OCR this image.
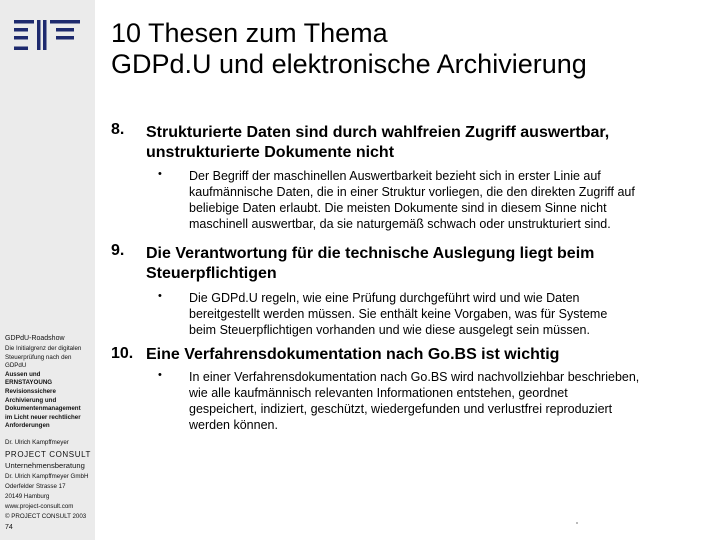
GDPdU-Roadshow
Die Initialgrenz der digitalen
Steuerprüfung nach den
GDPdU
Aussen und
ERNSTAYOUNG
Revisionssichere
Archivierung und
Dokumentenmanagement
im Licht neuer rechtlicher
Anforderungen
Dr. Ulrich Kampffmeyer
PROJECT CONSULT
Unternehmensberatung
Dr. Ulrich Kampffmeyer GmbH
Oderfelder Strasse 17
20149 Hamburg
www.project-consult.com
© PROJECT CONSULT 2003
74
10 Thesen zum Thema
GDPd.U und elektronische Archivierung
8. Strukturierte Daten sind durch wahlfreien Zugriff auswertbar,
unstrukturierte Dokumente nicht
• Der Begriff der maschinellen Auswertbarkeit bezieht sich in erster Linie auf
kaufmännische Daten, die in einer Struktur vorliegen, die den direkten Zugriff auf
beliebige Daten erlaubt. Die meisten Dokumente sind in diesem Sinne nicht
maschinell auswertbar, da sie naturgemäß schwach oder unstrukturiert sind.
9. Die Verantwortung für die technische Auslegung liegt beim
Steuerpflichtigen
• Die GDPd.U regeln, wie eine Prüfung durchgeführt wird und wie Daten
bereitgestellt werden müssen. Sie enthält keine Vorgaben, was für Systeme
beim Steuerpflichtigen vorhanden und wie diese ausgelegt sein müssen.
10. Eine Verfahrensdokumentation nach Go.BS ist wichtig
• In einer Verfahrensdokumentation nach Go.BS wird nachvollziehbar beschrieben,
wie alle kaufmännisch relevanten Informationen entstehen, geordnet
gespeichert, indiziert, geschützt, wiedergefunden und verlustfrei reproduziert
werden können.
